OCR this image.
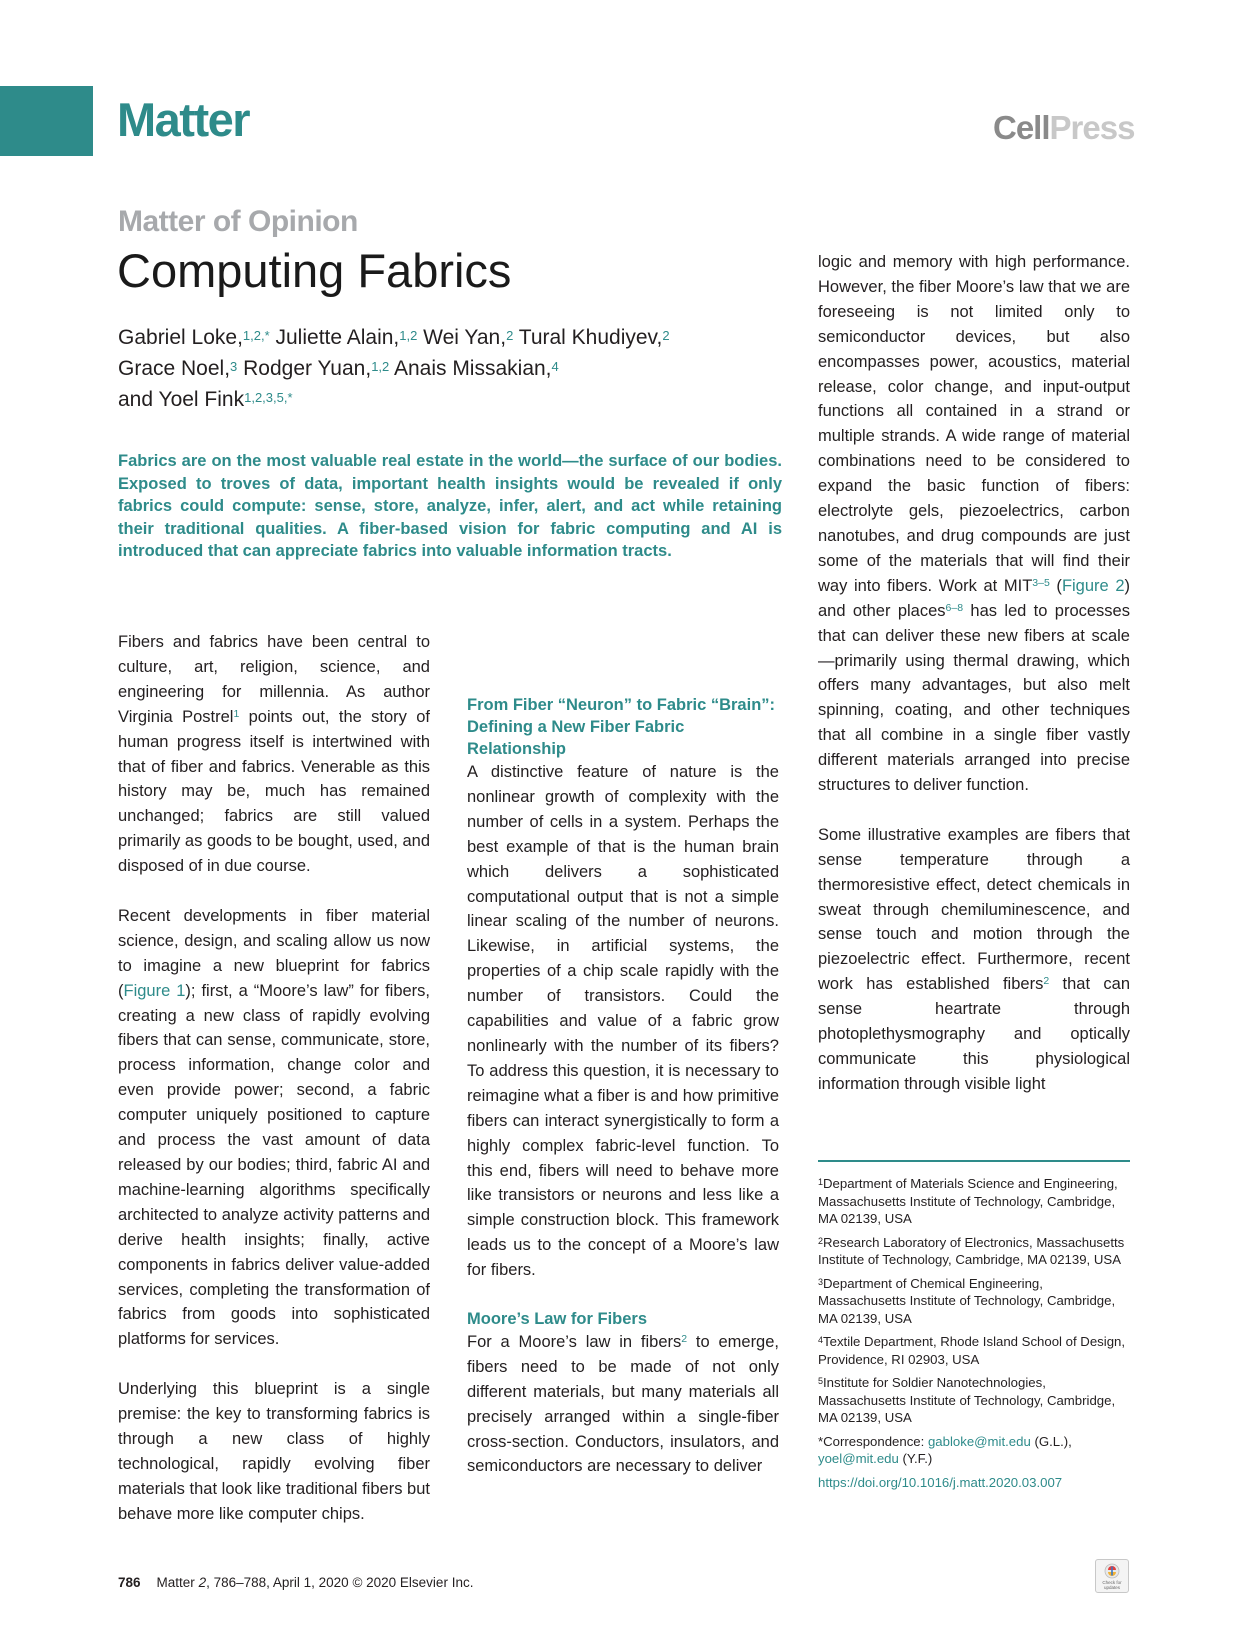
Matter	CellPress
Matter of Opinion
Computing Fabrics
Gabriel Loke,$^{1,2,*}$ Juliette Alain,$^{1,2}$ Wei Yan,$^2$ Tural Khudiyev,$^2$
Grace Noel,$^3$ Rodger Yuan,$^{1,2}$ Anais Missakian,$^4$
and Yoel Fink$^{1,2,3,5,*}$
Fabrics are on the most valuable real estate in the world—the surface of our bodies. Exposed to troves of data, important health insights would be revealed if only fabrics could compute: sense, store, analyze, infer, alert, and act while retaining their traditional qualities. A fiber-based vision for fabric computing and AI is introduced that can appreciate fabrics into valuable information tracts.

Fibers and fabrics have been central to culture, art, religion, science, and engineering for millennia. As author Virginia Postrel$^1$ points out, the story of human progress itself is intertwined with that of fiber and fabrics. Venerable as this history may be, much has remained unchanged; fabrics are still valued primarily as goods to be bought, used, and disposed of in due course.

Recent developments in fiber material science, design, and scaling allow us now to imagine a new blueprint for fabrics (Figure 1); first, a “Moore’s law” for fibers, creating a new class of rapidly evolving fibers that can sense, communicate, store, process information, change color and even provide power; second, a fabric computer uniquely positioned to capture and process the vast amount of data released by our bodies; third, fabric AI and machine-learning algorithms specifically architected to analyze activity patterns and derive health insights; finally, active components in fabrics deliver value-added services, completing the transformation of fabrics from goods into sophisticated platforms for services.

Underlying this blueprint is a single premise: the key to transforming fabrics is through a new class of highly technological, rapidly evolving fiber materials that look like traditional fibers but behave more like computer chips.

From Fiber “Neuron” to Fabric “Brain”: Defining a New Fiber Fabric Relationship

A distinctive feature of nature is the nonlinear growth of complexity with the number of cells in a system. Perhaps the best example of that is the human brain which delivers a sophisticated computational output that is not a simple linear scaling of the number of neurons. Likewise, in artificial systems, the properties of a chip scale rapidly with the number of transistors. Could the capabilities and value of a fabric grow nonlinearly with the number of its fibers? To address this question, it is necessary to reimagine what a fiber is and how primitive fibers can interact synergistically to form a highly complex fabric-level function. To this end, fibers will need to behave more like transistors or neurons and less like a simple construction block. This framework leads us to the concept of a Moore’s law for fibers.

Moore’s Law for Fibers

For a Moore’s law in fibers$^2$ to emerge, fibers need to be made of not only different materials, but many materials all precisely arranged within a single-fiber cross-section. Conductors, insulators, and semiconductors are necessary to deliver

logic and memory with high performance. However, the fiber Moore’s law that we are foreseeing is not limited only to semiconductor devices, but also encompasses power, acoustics, material release, color change, and input-output functions all contained in a strand or multiple strands. A wide range of material combinations need to be considered to expand the basic function of fibers: electrolyte gels, piezoelectrics, carbon nanotubes, and drug compounds are just some of the materials that will find their way into fibers. Work at MIT$^{3-5}$ (Figure 2) and other places$^{6-8}$ has led to processes that can deliver these new fibers at scale—primarily using thermal drawing, which offers many advantages, but also melt spinning, coating, and other techniques that all combine in a single fiber vastly different materials arranged into precise structures to deliver function.

Some illustrative examples are fibers that sense temperature through a thermoresistive effect, detect chemicals in sweat through chemiluminescence, and sense touch and motion through the piezoelectric effect. Furthermore, recent work has established fibers$^2$ that can sense heartrate through photoplethysmography and optically communicate this physiological information through visible light

$^1$Department of Materials Science and Engineering, Massachusetts Institute of Technology, Cambridge, MA 02139, USA
$^2$Research Laboratory of Electronics, Massachusetts Institute of Technology, Cambridge, MA 02139, USA
$^3$Department of Chemical Engineering, Massachusetts Institute of Technology, Cambridge, MA 02139, USA
$^4$Textile Department, Rhode Island School of Design, Providence, RI 02903, USA
$^5$Institute for Soldier Nanotechnologies, Massachusetts Institute of Technology, Cambridge, MA 02139, USA
*Correspondence: gabloke@mit.edu (G.L.),
yoel@mit.edu (Y.F.)
https://doi.org/10.1016/j.matt.2020.03.007
786 Matter 2, 786–788, April 1, 2020 © 2020 Elsevier Inc.	Check for
updates
